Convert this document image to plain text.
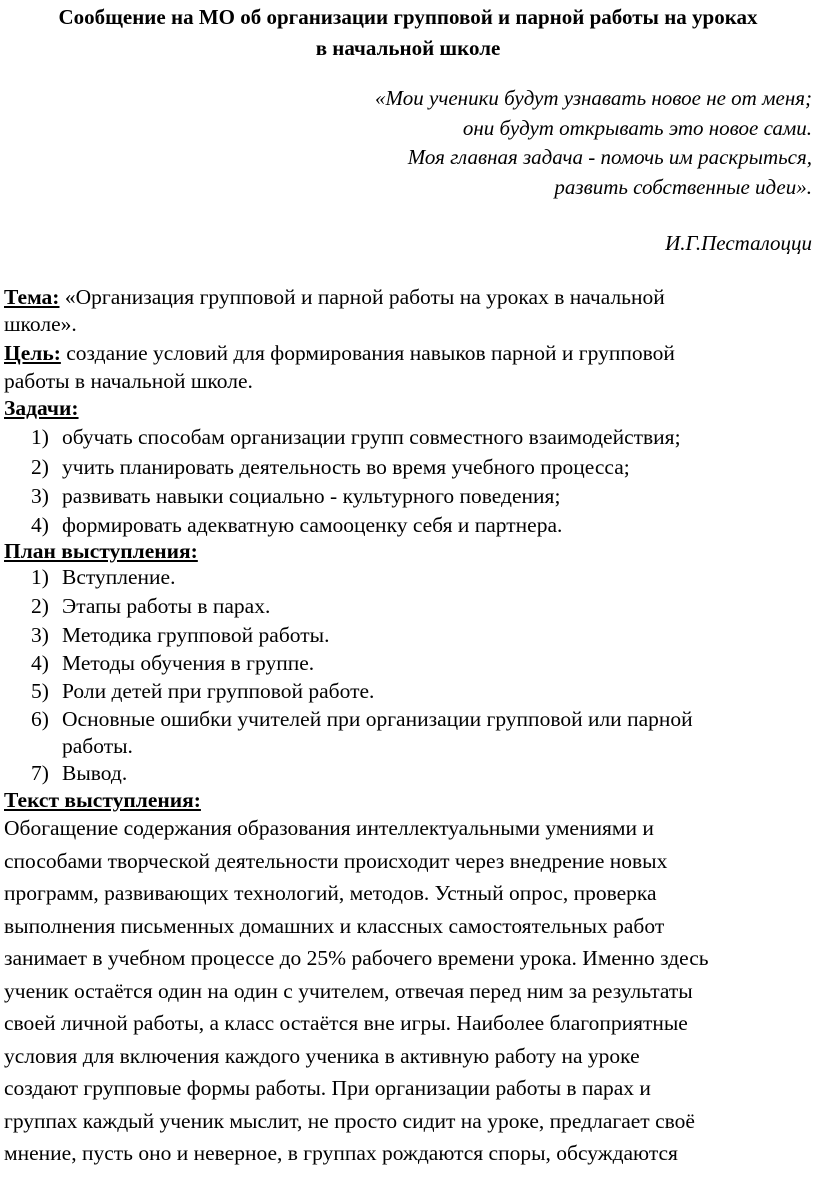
Сообщение на МО об организации групповой и парной работы на уроках
в начальной школе
«Мои ученики будут узнавать новое не от меня;
они будут открывать это новое сами.
Моя главная задача - помочь им раскрыться,
развить собственные идеи».
И.Г.Песталоцци
Тема: «Организация групповой и парной работы на уроках в начальной
школе».
Цель: создание условий для формирования навыков парной и групповой
работы в начальной школе.
Задачи:
1) обучать способам организации групп совместного взаимодействия;
2) учить планировать деятельность во время учебного процесса;
3) развивать навыки социально - культурного поведения;
4) формировать адекватную самооценку себя и партнера.
План выступления:
1) Вступление.
2) Этапы работы в парах.
3) Методика групповой работы.
4) Методы обучения в группе.
5) Роли детей при групповой работе.
6) Основные ошибки учителей при организации групповой или парной
работы.
7) Вывод.
Текст выступления:
Обогащение содержания образования интеллектуальными умениями и
способами творческой деятельности происходит через внедрение новых
программ, развивающих технологий, методов. Устный опрос, проверка
выполнения письменных домашних и классных самостоятельных работ
занимает в учебном процессе до 25% рабочего времени урока. Именно здесь
ученик остаётся один на один с учителем, отвечая перед ним за результаты
своей личной работы, а класс остаётся вне игры. Наиболее благоприятные
условия для включения каждого ученика в активную работу на уроке
создают групповые формы работы. При организации работы в парах и
группах каждый ученик мыслит, не просто сидит на уроке, предлагает своё
мнение, пусть оно и неверное, в группах рождаются споры, обсуждаются
